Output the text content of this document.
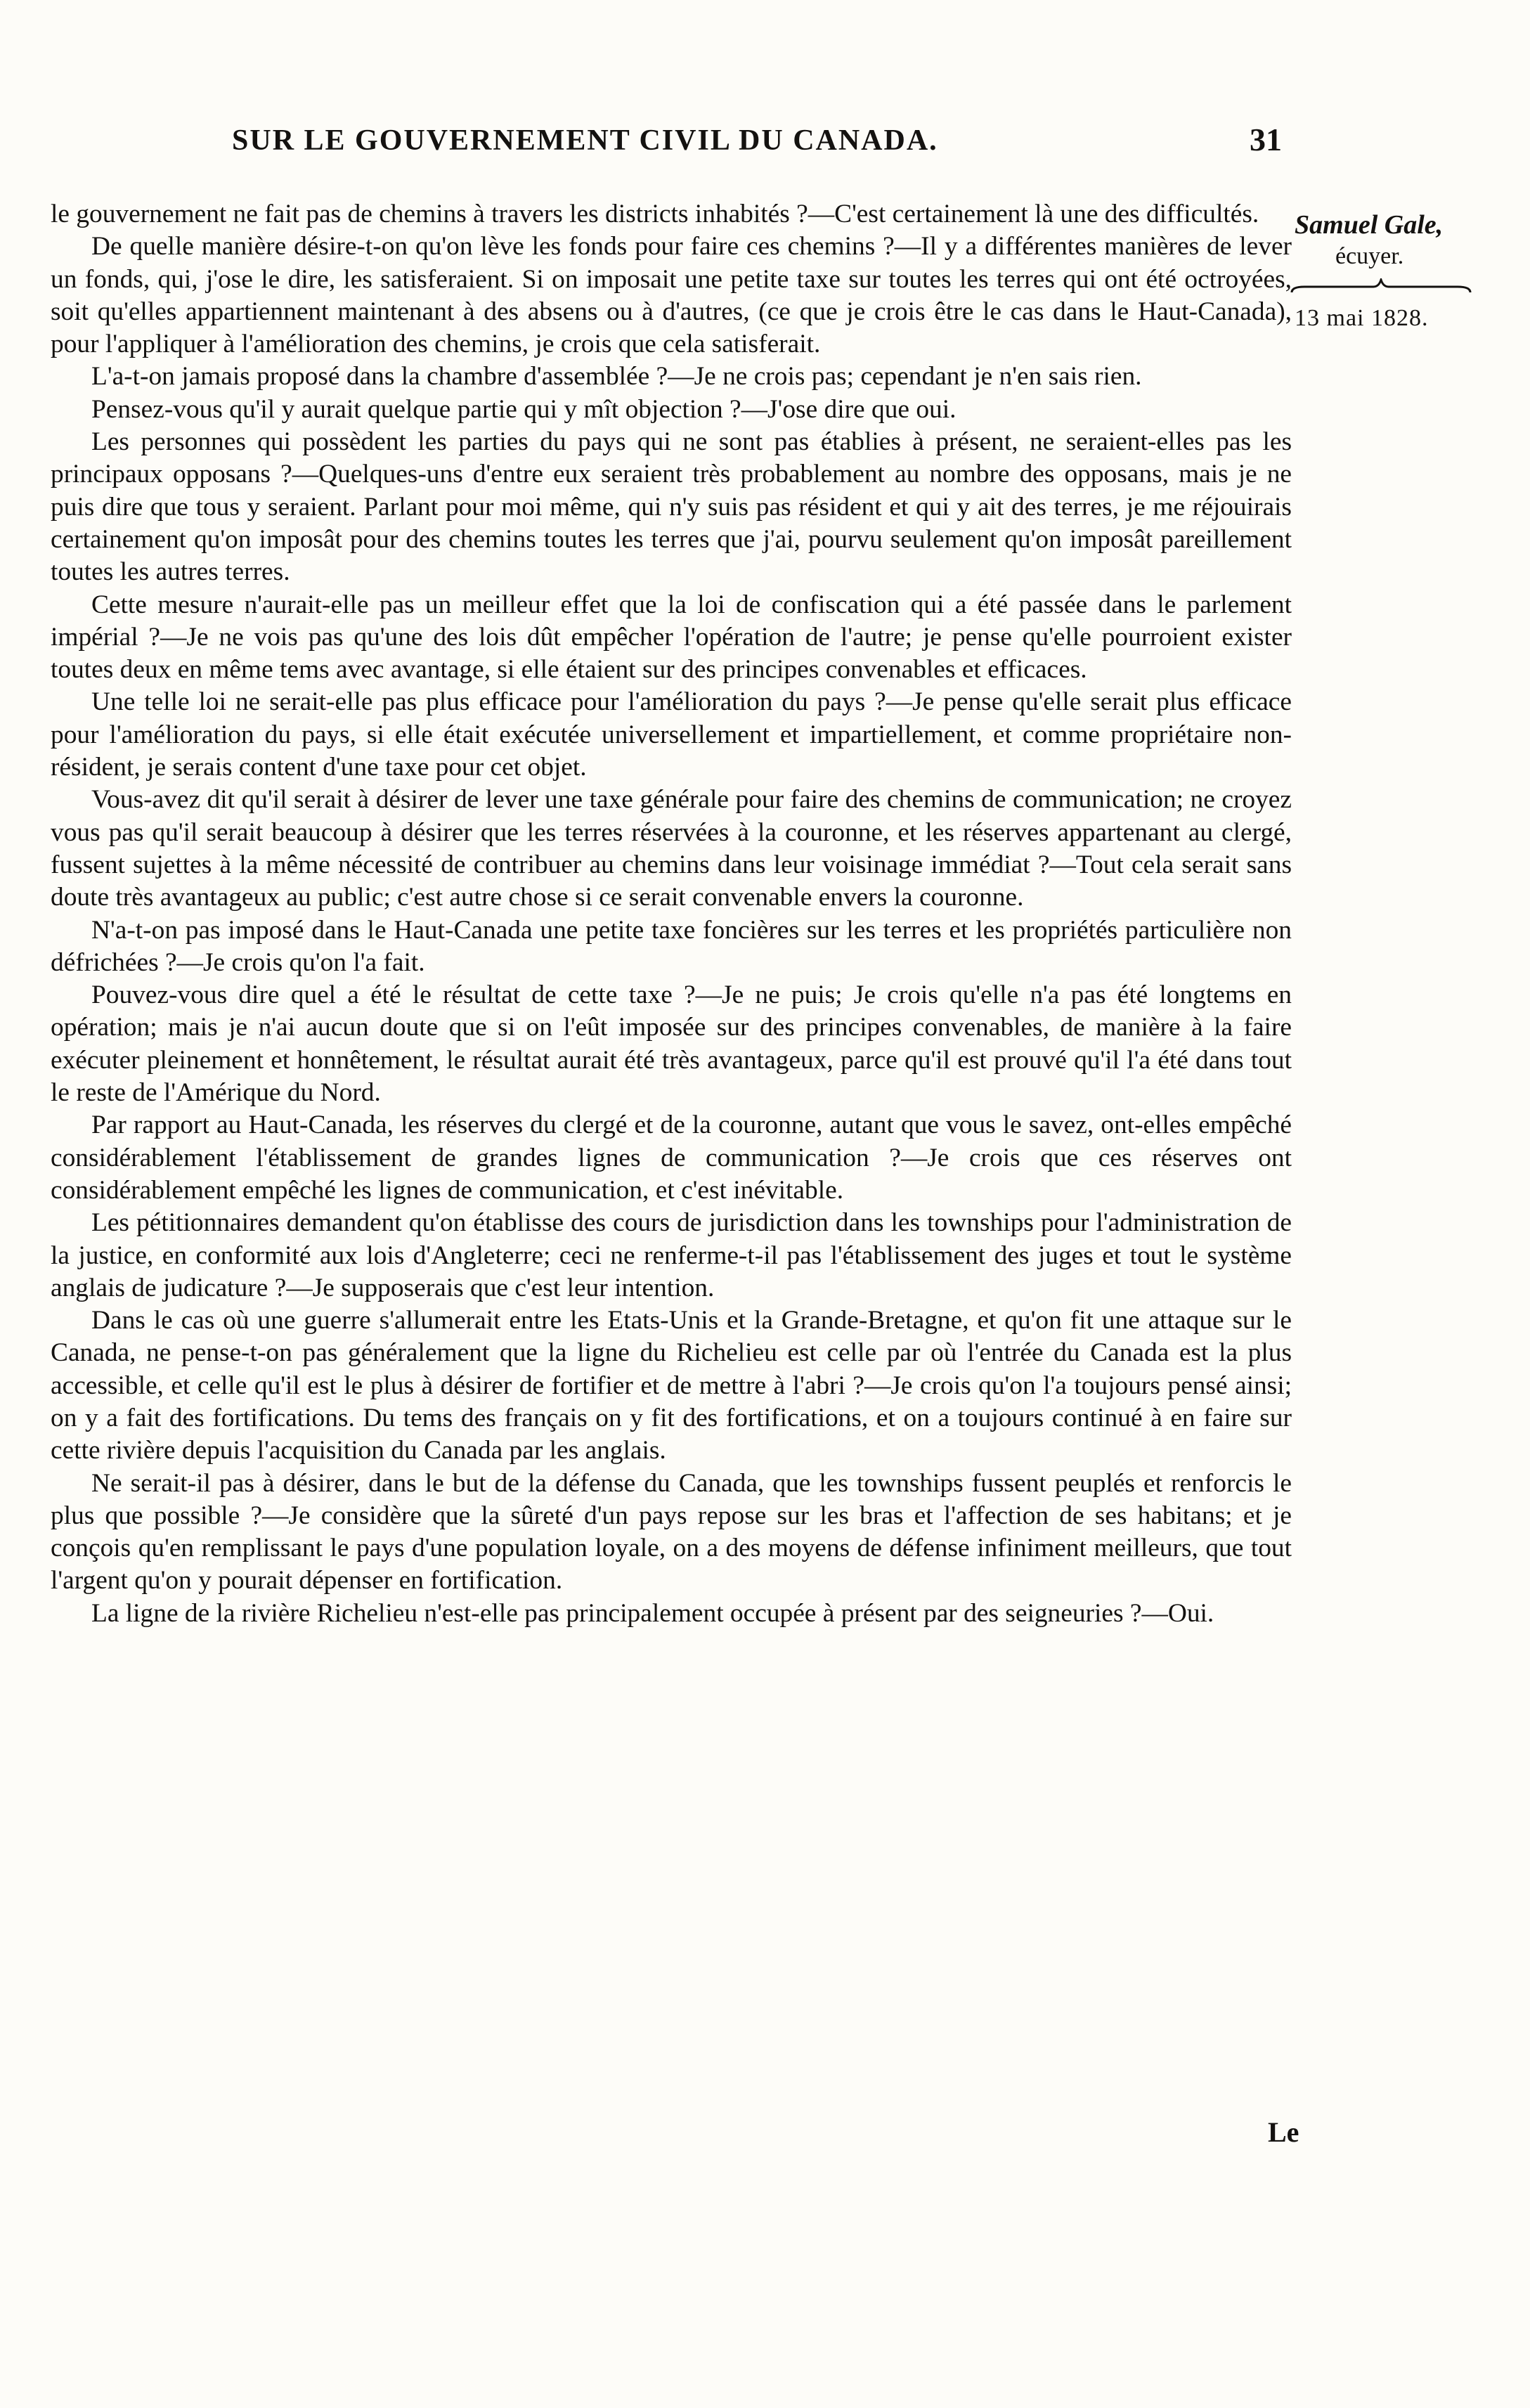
SUR LE GOUVERNEMENT CIVIL DU CANADA.	31
Samuel Gale,
écuyer.
13 mai 1828.

le gouvernement ne fait pas de chemins à travers les districts inhabités ?—C'est certainement là une des difficultés.

De quelle manière désire-t-on qu'on lève les fonds pour faire ces chemins ?—Il y a différentes manières de lever un fonds, qui, j'ose le dire, les satisferaient. Si on imposait une petite taxe sur toutes les terres qui ont été octroyées, soit qu'elles appartiennent maintenant à des absens ou à d'autres, (ce que je crois être le cas dans le Haut-Canada), pour l'appliquer à l'amélioration des chemins, je crois que cela satisferait.

L'a-t-on jamais proposé dans la chambre d'assemblée ?—Je ne crois pas; cependant je n'en sais rien.

Pensez-vous qu'il y aurait quelque partie qui y mît objection ?—J'ose dire que oui.

Les personnes qui possèdent les parties du pays qui ne sont pas établies à présent, ne seraient-elles pas les principaux opposans ?—Quelques-uns d'entre eux seraient très probablement au nombre des opposans, mais je ne puis dire que tous y seraient. Parlant pour moi même, qui n'y suis pas résident et qui y ait des terres, je me réjouirais certainement qu'on imposât pour des chemins toutes les terres que j'ai, pourvu seulement qu'on imposât pareillement toutes les autres terres.

Cette mesure n'aurait-elle pas un meilleur effet que la loi de confiscation qui a été passée dans le parlement impérial ?—Je ne vois pas qu'une des lois dût empêcher l'opération de l'autre; je pense qu'elle pourroient exister toutes deux en même tems avec avantage, si elle étaient sur des principes convenables et efficaces.

Une telle loi ne serait-elle pas plus efficace pour l'amélioration du pays ?—Je pense qu'elle serait plus efficace pour l'amélioration du pays, si elle était exécutée universellement et impartiellement, et comme propriétaire non-résident, je serais content d'une taxe pour cet objet.

Vous-avez dit qu'il serait à désirer de lever une taxe générale pour faire des chemins de communication; ne croyez vous pas qu'il serait beaucoup à désirer que les terres réservées à la couronne, et les réserves appartenant au clergé, fussent sujettes à la même nécessité de contribuer au chemins dans leur voisinage immédiat ?—Tout cela serait sans doute très avantageux au public; c'est autre chose si ce serait convenable envers la couronne.

N'a-t-on pas imposé dans le Haut-Canada une petite taxe foncières sur les terres et les propriétés particulière non défrichées ?—Je crois qu'on l'a fait.

Pouvez-vous dire quel a été le résultat de cette taxe ?—Je ne puis; Je crois qu'elle n'a pas été longtems en opération; mais je n'ai aucun doute que si on l'eût imposée sur des principes convenables, de manière à la faire exécuter pleinement et honnêtement, le résultat aurait été très avantageux, parce qu'il est prouvé qu'il l'a été dans tout le reste de l'Amérique du Nord.

Par rapport au Haut-Canada, les réserves du clergé et de la couronne, autant que vous le savez, ont-elles empêché considérablement l'établissement de grandes lignes de communication ?—Je crois que ces réserves ont considérablement empêché les lignes de communication, et c'est inévitable.

Les pétitionnaires demandent qu'on établisse des cours de jurisdiction dans les townships pour l'administration de la justice, en conformité aux lois d'Angleterre; ceci ne renferme-t-il pas l'établissement des juges et tout le système anglais de judicature ?—Je supposerais que c'est leur intention.

Dans le cas où une guerre s'allumerait entre les Etats-Unis et la Grande-Bretagne, et qu'on fit une attaque sur le Canada, ne pense-t-on pas généralement que la ligne du Richelieu est celle par où l'entrée du Canada est la plus accessible, et celle qu'il est le plus à désirer de fortifier et de mettre à l'abri ?—Je crois qu'on l'a toujours pensé ainsi; on y a fait des fortifications. Du tems des français on y fit des fortifications, et on a toujours continué à en faire sur cette rivière depuis l'acquisition du Canada par les anglais.

Ne serait-il pas à désirer, dans le but de la défense du Canada, que les townships fussent peuplés et renforcis le plus que possible ?—Je considère que la sûreté d'un pays repose sur les bras et l'affection de ses habitans; et je conçois qu'en remplissant le pays d'une population loyale, on a des moyens de défense infiniment meilleurs, que tout l'argent qu'on y pourait dépenser en fortification.

La ligne de la rivière Richelieu n'est-elle pas principalement occupée à présent par des seigneuries ?—Oui.

Le
